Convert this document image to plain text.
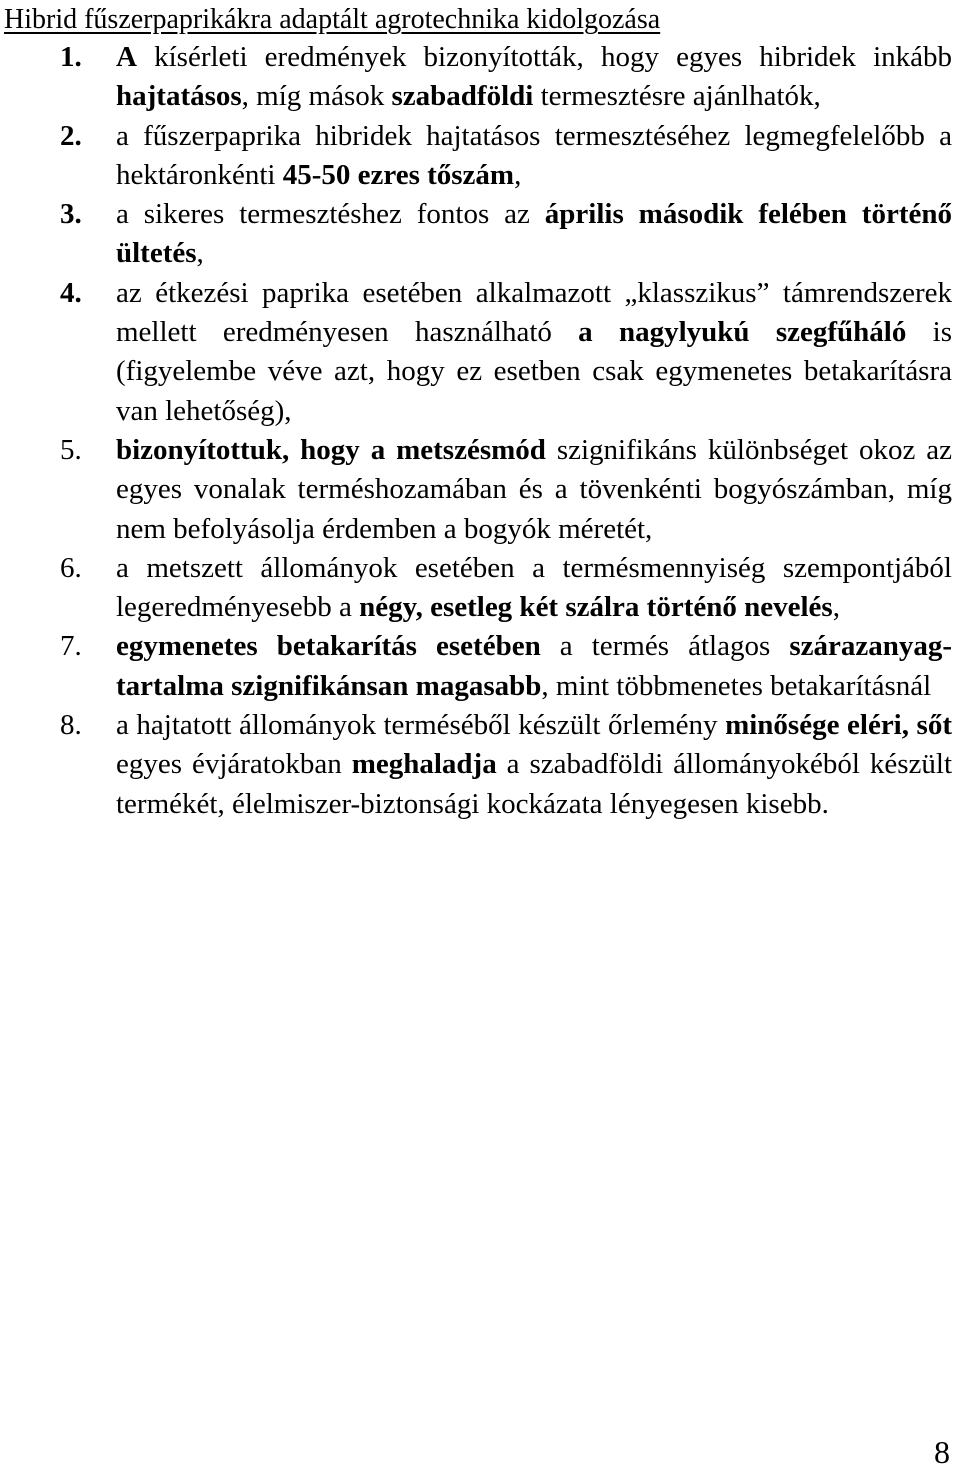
Hibrid fűszerpaprikákra adaptált agrotechnika kidolgozása
1. A kísérleti eredmények bizonyították, hogy egyes hibridek inkább hajtatásos, míg mások szabadföldi termesztésre ajánlhatók,
2. a fűszerpaprika hibridek hajtatásos termesztéséhez legmegfelelőbb a hektáronkénti 45-50 ezres tőszám,
3. a sikeres termesztéshez fontos az április második felében történő ültetés,
4. az étkezési paprika esetében alkalmazott „klasszikus” támrendszerek mellett eredményesen használható a nagylyukú szegfűháló is (figyelembe véve azt, hogy ez esetben csak egymenetes betakarításra van lehetőség),
5. bizonyítottuk, hogy a metszésmód szignifikáns különbséget okoz az egyes vonalak terméshozamában és a tövenkénti bogyószámban, míg nem befolyásolja érdemben a bogyók méretét,
6. a metszett állományok esetében a termésmennyiség szempontjából legeredményesebb a négy, esetleg két szálra történő nevelés,
7. egymenetes betakarítás esetében a termés átlagos szárazanyag-tartalma szignifikánsan magasabb, mint többmenetes betakarításnál
8. a hajtatott állományok terméséből készült őrlemény minősége eléri, sőt egyes évjáratokban meghaladja a szabadföldi állományokéból készült termékét, élelmiszer-biztonsági kockázata lényegesen kisebb.
8
